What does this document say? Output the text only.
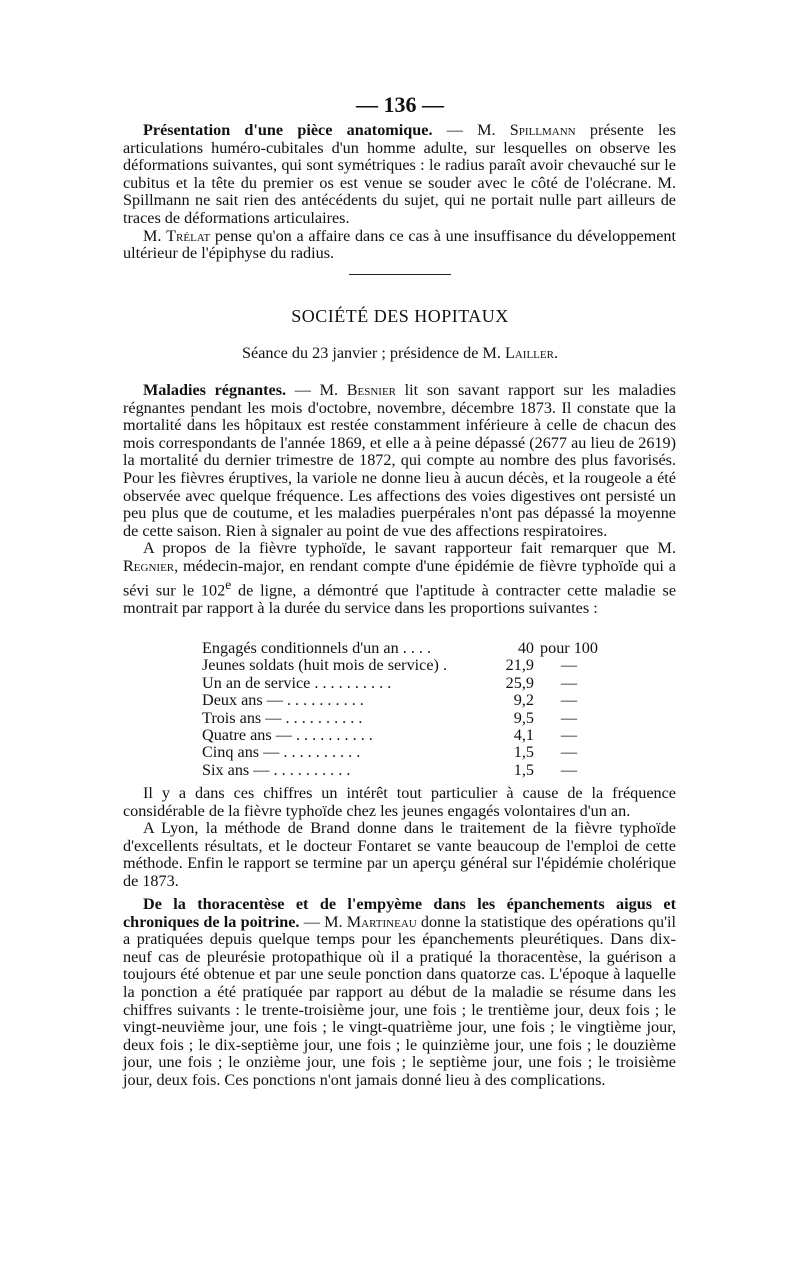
— 136 —

Présentation d'une pièce anatomique. — M. Spillmann présente les articulations huméro-cubitales d'un homme adulte, sur lesquelles on observe les déformations suivantes, qui sont symétriques : le radius paraît avoir chevauché sur le cubitus et la tête du premier os est venue se souder avec le côté de l'olécrane. M. Spillmann ne sait rien des antécédents du sujet, qui ne portait nulle part ailleurs de traces de déformations articulaires.

M. Trélat pense qu'on a affaire dans ce cas à une insuffisance du développement ultérieur de l'épiphyse du radius.

SOCIÉTÉ DES HOPITAUX
Séance du 23 janvier ; présidence de M. Lailler.

Maladies régnantes. — M. Besnier lit son savant rapport sur les maladies régnantes pendant les mois d'octobre, novembre, décembre 1873. Il constate que la mortalité dans les hôpitaux est restée constamment inférieure à celle de chacun des mois correspondants de l'année 1869, et elle a à peine dépassé (2677 au lieu de 2619) la mortalité du dernier trimestre de 1872, qui compte au nombre des plus favorisés. Pour les fièvres éruptives, la variole ne donne lieu à aucun décès, et la rougeole a été observée avec quelque fréquence. Les affections des voies digestives ont persisté un peu plus que de coutume, et les maladies puerpérales n'ont pas dépassé la moyenne de cette saison. Rien à signaler au point de vue des affections respiratoires.

A propos de la fièvre typhoïde, le savant rapporteur fait remarquer que M. Regnier, médecin-major, en rendant compte d'une épidémie de fièvre typhoïde qui a sévi sur le 102e de ligne, a démontré que l'aptitude à contracter cette maladie se montrait par rapport à la durée du service dans les proportions suivantes :

Engagés conditionnels d'un an . . . .	40	pour 100
Jeunes soldats (huit mois de service) .	21,9	—
Un an de service . . . . . . . . . .	25,9	—
Deux ans — . . . . . . . . . .	9,2	—
Trois ans — . . . . . . . . . .	9,5	—
Quatre ans — . . . . . . . . . .	4,1	—
Cinq ans — . . . . . . . . . .	1,5	—
Six ans — . . . . . . . . . .	1,5	—

Il y a dans ces chiffres un intérêt tout particulier à cause de la fréquence considérable de la fièvre typhoïde chez les jeunes engagés volontaires d'un an.

A Lyon, la méthode de Brand donne dans le traitement de la fièvre typhoïde d'excellents résultats, et le docteur Fontaret se vante beaucoup de l'emploi de cette méthode. Enfin le rapport se termine par un aperçu général sur l'épidémie cholérique de 1873.

De la thoracentèse et de l'empyème dans les épanchements aigus et chroniques de la poitrine. — M. Martineau donne la statistique des opérations qu'il a pratiquées depuis quelque temps pour les épanchements pleurétiques. Dans dix-neuf cas de pleurésie protopathique où il a pratiqué la thoracentèse, la guérison a toujours été obtenue et par une seule ponction dans quatorze cas. L'époque à laquelle la ponction a été pratiquée par rapport au début de la maladie se résume dans les chiffres suivants : le trente-troisième jour, une fois ; le trentième jour, deux fois ; le vingt-neuvième jour, une fois ; le vingt-quatrième jour, une fois ; le vingtième jour, deux fois ; le dix-septième jour, une fois ; le quinzième jour, une fois ; le douzième jour, une fois ; le onzième jour, une fois ; le septième jour, une fois ; le troisième jour, deux fois. Ces ponctions n'ont jamais donné lieu à des complications.
